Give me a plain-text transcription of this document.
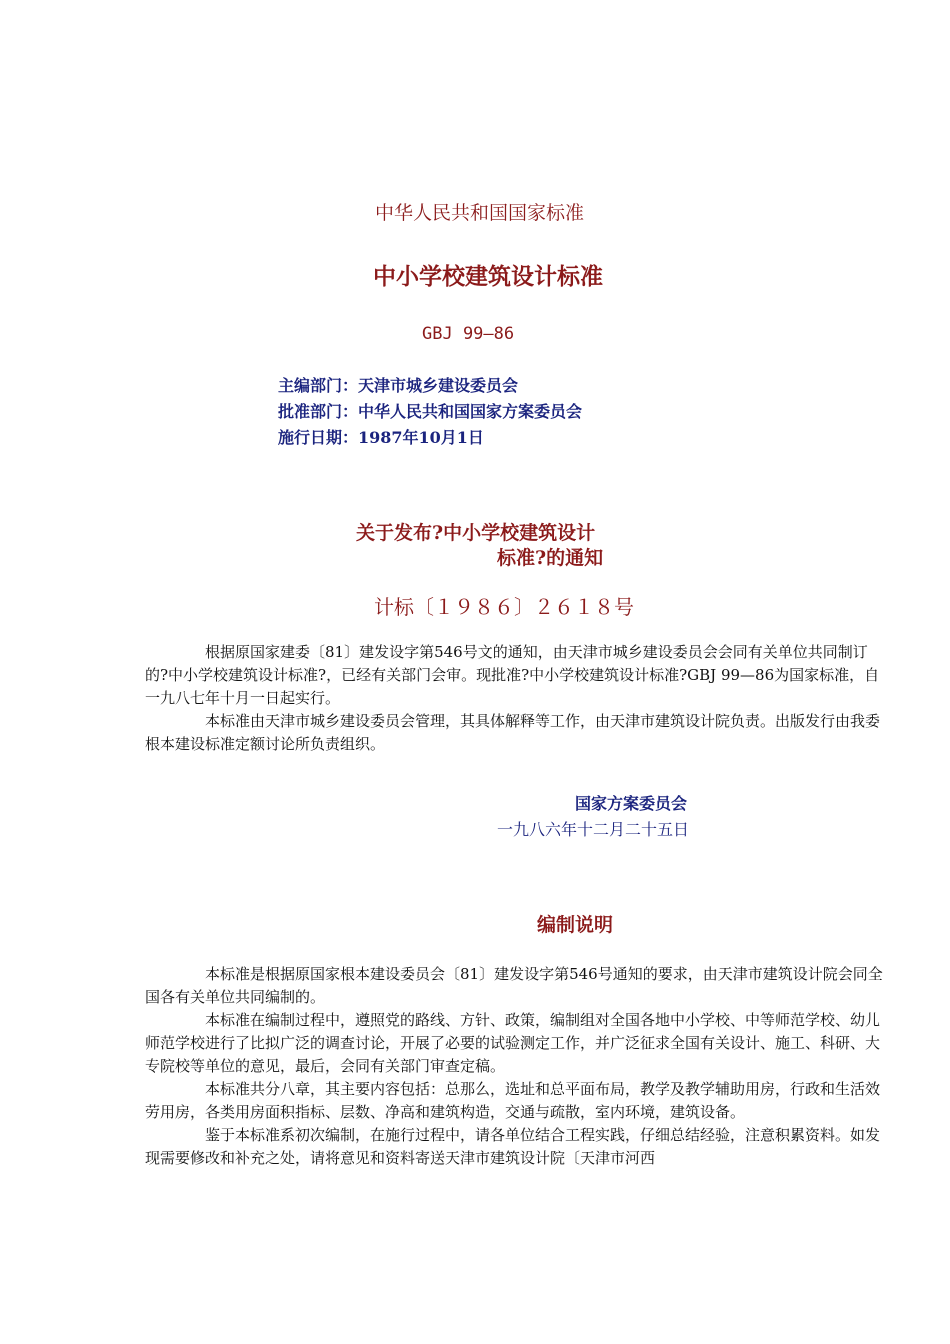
中华人民共和国国家标准
中小学校建筑设计标准
GBJ 99—86
主编部门：天津市城乡建设委员会
批准部门：中华人民共和国国家方案委员会
施行日期：1987年10月1日
关于发布?中小学校建筑设计
标准?的通知
计标〔１９８６〕２６１８号

根据原国家建委〔81〕建发设字第546号文的通知，由天津市城乡建设委员会会同有关单位共同制订的?中小学校建筑设计标准?，已经有关部门会审。现批准?中小学校建筑设计标准?GBJ 99—86为国家标准，自一九八七年十月一日起实行。

本标准由天津市城乡建设委员会管理，其具体解释等工作，由天津市建筑设计院负责。出版发行由我委根本建设标准定额讨论所负责组织。

国家方案委员会
一九八六年十二月二十五日
编制说明

本标准是根据原国家根本建设委员会〔81〕建发设字第546号通知的要求，由天津市建筑设计院会同全国各有关单位共同编制的。

本标准在编制过程中，遵照党的路线、方针、政策，编制组对全国各地中小学校、中等师范学校、幼儿师范学校进行了比拟广泛的调查讨论，开展了必要的试验测定工作，并广泛征求全国有关设计、施工、科研、大专院校等单位的意见，最后，会同有关部门审查定稿。

本标准共分八章，其主要内容包括：总那么，选址和总平面布局，教学及教学辅助用房，行政和生活效劳用房，各类用房面积指标、层数、净高和建筑构造，交通与疏散，室内环境，建筑设备。

鉴于本标准系初次编制，在施行过程中，请各单位结合工程实践，仔细总结经验，注意积累资料。如发现需要修改和补充之处，请将意见和资料寄送天津市建筑设计院〔天津市河西
